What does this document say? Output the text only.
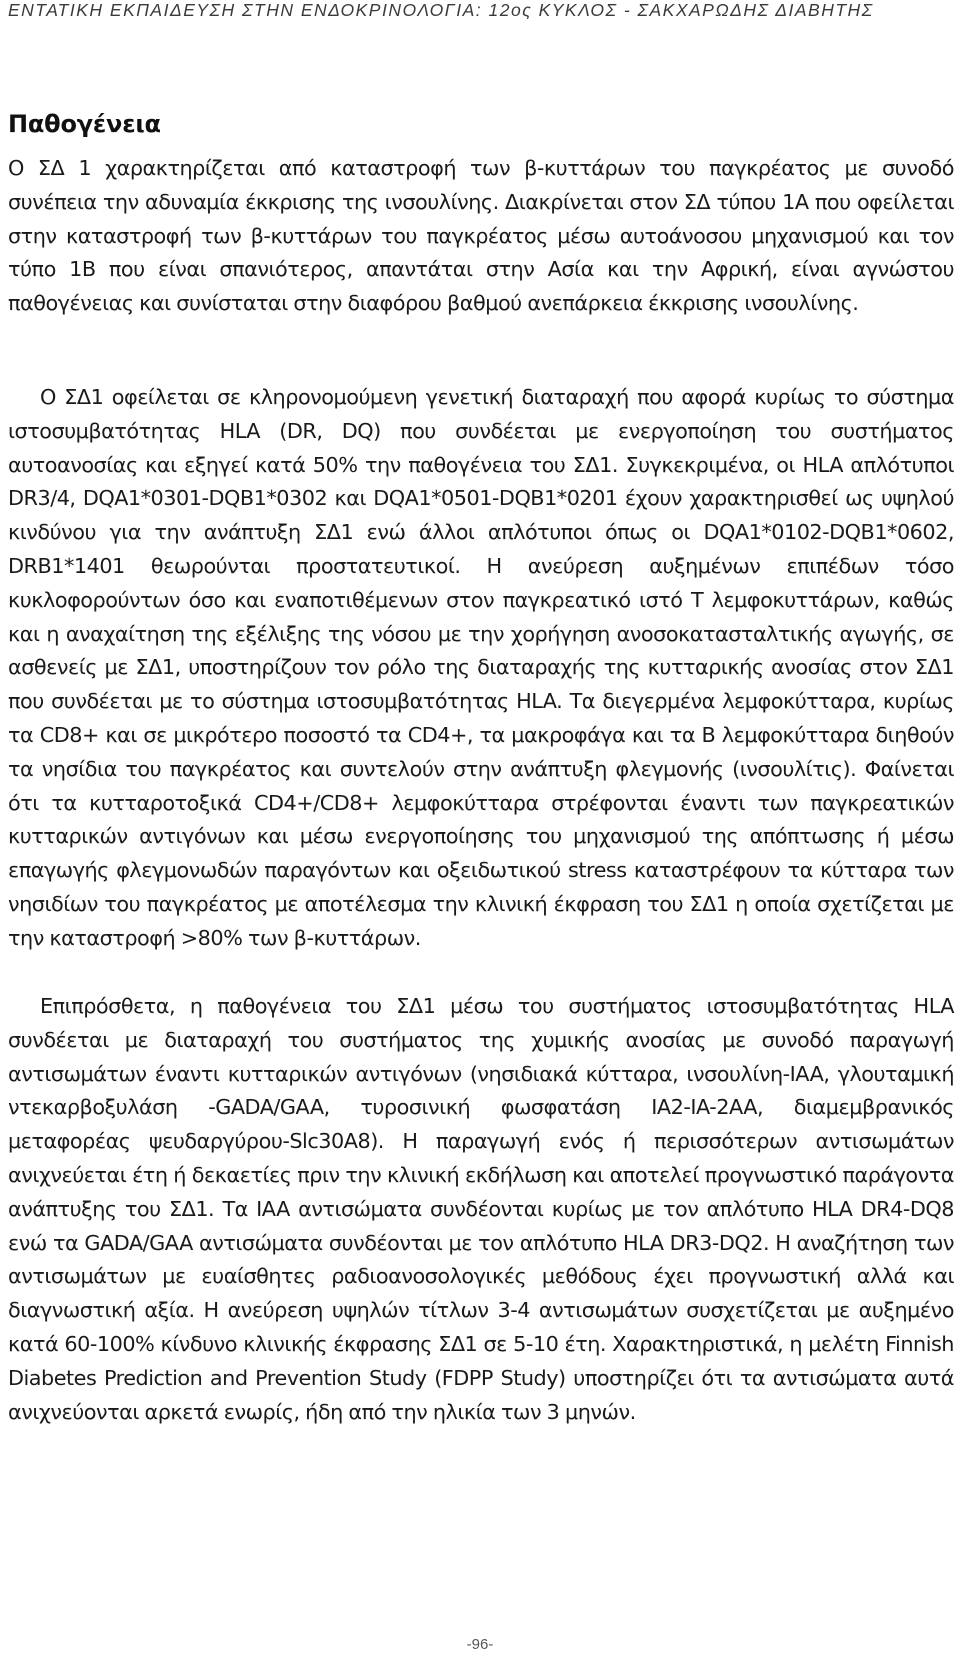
ΕΝΤΑΤΙΚΗ ΕΚΠΑΙΔΕΥΣΗ ΣΤΗΝ ΕΝΔΟΚΡΙΝΟΛΟΓΙΑ: 12ος ΚΥΚΛΟΣ - ΣΑΚΧΑΡΩΔΗΣ ΔΙΑΒΗΤΗΣ
Παθογένεια

Ο ΣΔ 1 χαρακτηρίζεται από καταστροφή των β-κυττάρων του παγκρέατος με συνοδό συνέπεια την αδυναμία έκκρισης της ινσουλίνης. Διακρίνεται στον ΣΔ τύπου 1Α που οφείλεται στην καταστροφή των β-κυττάρων του παγκρέατος μέσω αυτοάνοσου μηχανισμού και τον τύπο 1Β που είναι σπανιότερος, απαντάται στην Ασία και την Αφρική, είναι αγνώστου παθογένειας και συνίσταται στην διαφόρου βαθμού ανεπάρκεια έκκρισης ινσουλίνης.

Ο ΣΔ1 οφείλεται σε κληρονομούμενη γενετική διαταραχή που αφορά κυρίως το σύστημα ιστοσυμβατότητας HLA (DR, DQ) που συνδέεται με ενεργοποίηση του συστήματος αυτοανοσίας και εξηγεί κατά 50% την παθογένεια του ΣΔ1. Συγκεκριμένα, οι HLA απλότυποι DR3/4, DQA1*0301-DQB1*0302 και DQA1*0501-DQB1*0201 έχουν χαρακτηρισθεί ως υψηλού κινδύνου για την ανάπτυξη ΣΔ1 ενώ άλλοι απλότυποι όπως οι DQA1*0102-DQB1*0602, DRB1*1401 θεωρούνται προστατευτικοί. Η ανεύρεση αυξημένων επιπέδων τόσο κυκλοφορούντων όσο και εναποτιθέμενων στον παγκρεατικό ιστό Τ λεμφοκυττάρων, καθώς και η αναχαίτηση της εξέλιξης της νόσου με την χορήγηση ανοσοκατασταλτικής αγωγής, σε ασθενείς με ΣΔ1, υποστηρίζουν τον ρόλο της διαταραχής της κυτταρικής ανοσίας στον ΣΔ1 που συνδέεται με το σύστημα ιστοσυμβατότητας HLA. Τα διεγερμένα λεμφοκύτταρα, κυρίως τα CD8+ και σε μικρότερο ποσοστό τα CD4+, τα μακροφάγα και τα Β λεμφοκύτταρα διηθούν τα νησίδια του παγκρέατος και συντελούν στην ανάπτυξη φλεγμονής (ινσουλίτις). Φαίνεται ότι τα κυτταροτοξικά CD4+/CD8+ λεμφοκύτταρα στρέφονται έναντι των παγκρεατικών κυτταρικών αντιγόνων και μέσω ενεργοποίησης του μηχανισμού της απόπτωσης ή μέσω επαγωγής φλεγμονωδών παραγόντων και οξειδωτικού stress καταστρέφουν τα κύτταρα των νησιδίων του παγκρέατος με αποτέλεσμα την κλινική έκφραση του ΣΔ1 η οποία σχετίζεται με την καταστροφή >80% των β-κυττάρων.

Επιπρόσθετα, η παθογένεια του ΣΔ1 μέσω του συστήματος ιστοσυμβατότητας HLA συνδέεται με διαταραχή του συστήματος της χυμικής ανοσίας με συνοδό παραγωγή αντισωμάτων έναντι κυτταρικών αντιγόνων (νησιδιακά κύτταρα, ινσουλίνη-IAA, γλουταμική ντεκαρβοξυλάση -GADA/GAA, τυροσινική φωσφατάση IA2-IA-2AA, διαμεμβρανικός μεταφορέας ψευδαργύρου-Slc30A8). Η παραγωγή ενός ή περισσότερων αντισωμάτων ανιχνεύεται έτη ή δεκαετίες πριν την κλινική εκδήλωση και αποτελεί προγνωστικό παράγοντα ανάπτυξης του ΣΔ1. Τα IAA αντισώματα συνδέονται κυρίως με τον απλότυπο HLA DR4-DQ8 ενώ τα GADA/GAA αντισώματα συνδέονται με τον απλότυπο HLA DR3-DQ2. Η αναζήτηση των αντισωμάτων με ευαίσθητες ραδιοανοσολογικές μεθόδους έχει προγνωστική αλλά και διαγνωστική αξία. Η ανεύρεση υψηλών τίτλων 3-4 αντισωμάτων συσχετίζεται με αυξημένο κατά 60-100% κίνδυνο κλινικής έκφρασης ΣΔ1 σε 5-10 έτη. Χαρακτηριστικά, η μελέτη Finnish Diabetes Prediction and Prevention Study (FDPP Study) υποστηρίζει ότι τα αντισώματα αυτά ανιχνεύονται αρκετά ενωρίς, ήδη από την ηλικία των 3 μηνών.

-96-
